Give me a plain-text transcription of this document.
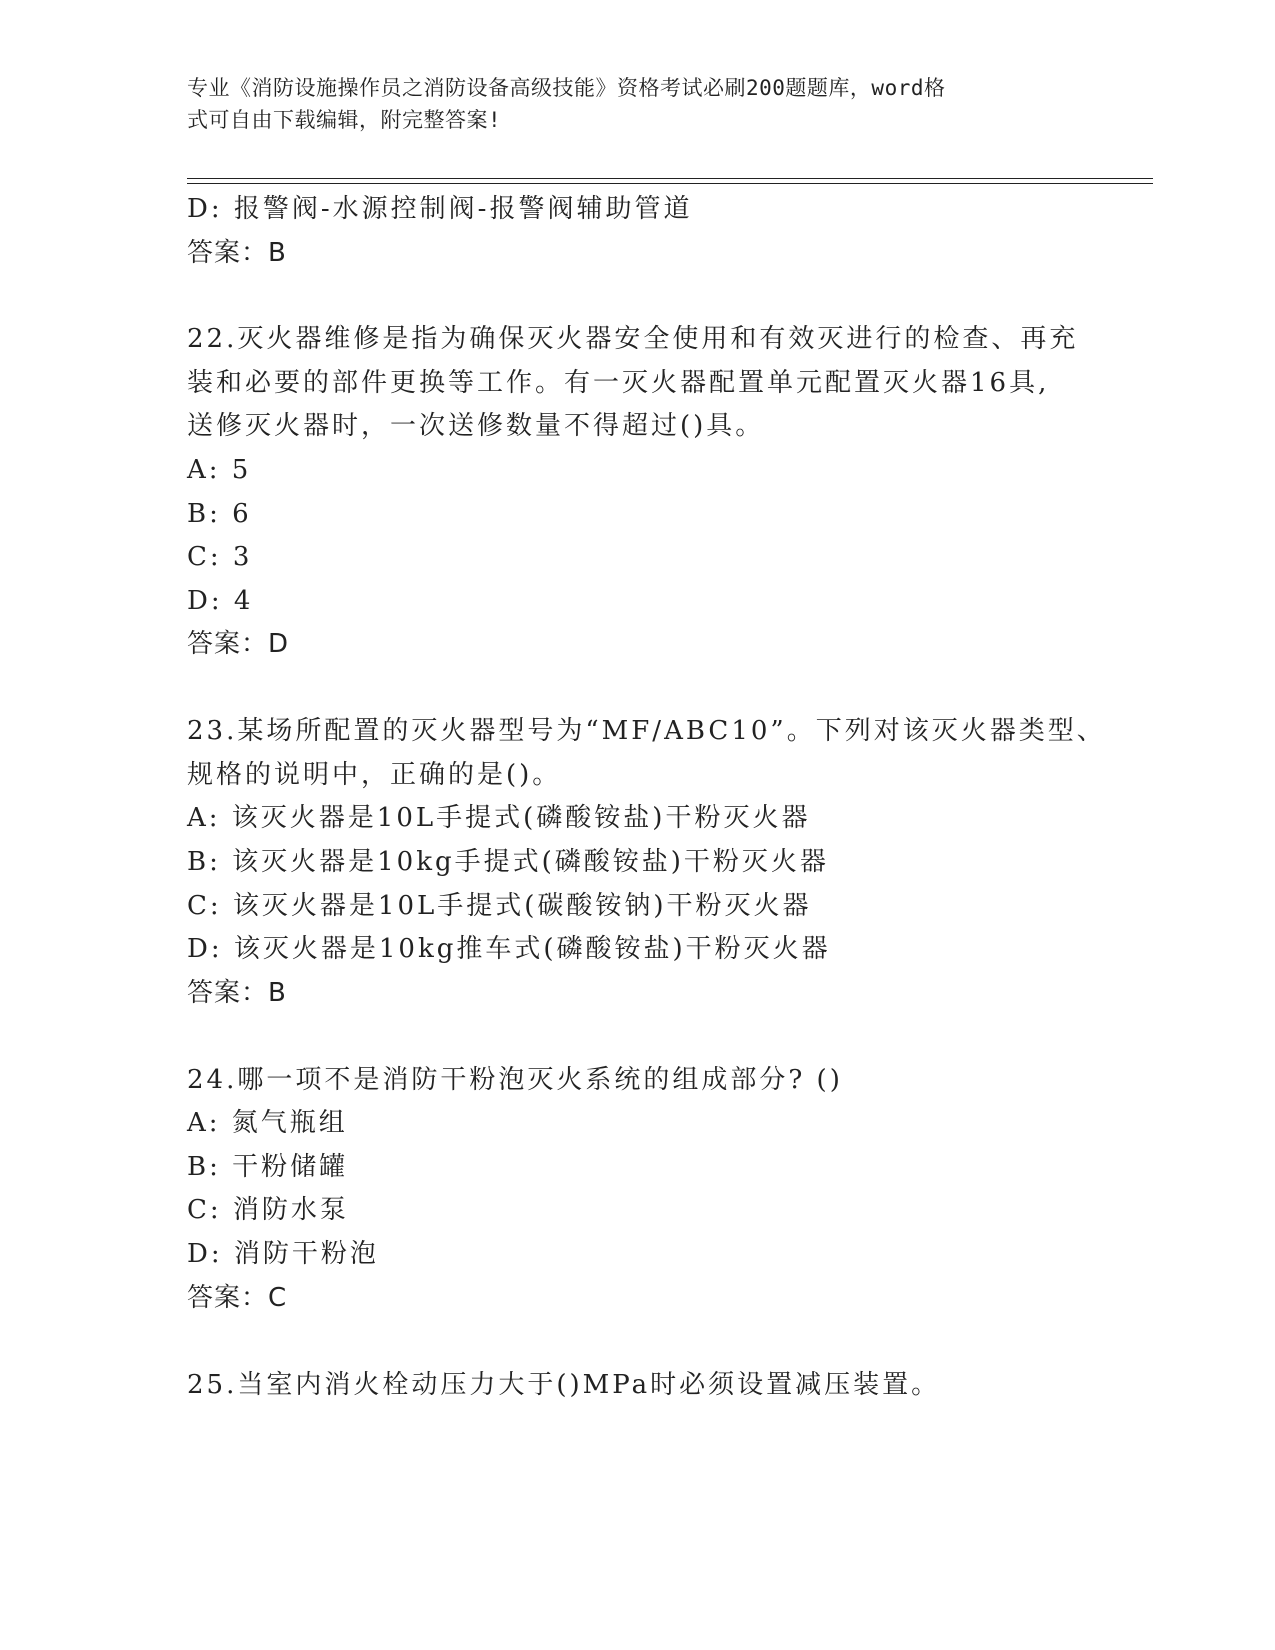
专业《消防设施操作员之消防设备高级技能》资格考试必刷200题题库，word格
式可自由下载编辑，附完整答案!
D: 报警阀-水源控制阀-报警阀辅助管道
答案：B
22.灭火器维修是指为确保灭火器安全使用和有效灭进行的检查、再充
装和必要的部件更换等工作。有一灭火器配置单元配置灭火器16具,
送修灭火器时，一次送修数量不得超过()具。
A: 5
B: 6
C: 3
D: 4
答案：D
23.某场所配置的灭火器型号为“MF/ABC10”。下列对该灭火器类型、
规格的说明中，正确的是()。
A: 该灭火器是10L手提式(磷酸铵盐)干粉灭火器
B: 该灭火器是10kg手提式(磷酸铵盐)干粉灭火器
C: 该灭火器是10L手提式(碳酸铵钠)干粉灭火器
D: 该灭火器是10kg推车式(磷酸铵盐)干粉灭火器
答案：B
24.哪一项不是消防干粉泡灭火系统的组成部分? ()
A: 氮气瓶组
B: 干粉储罐
C: 消防水泵
D: 消防干粉泡
答案：C
25.当室内消火栓动压力大于()MPa时必须设置减压装置。
